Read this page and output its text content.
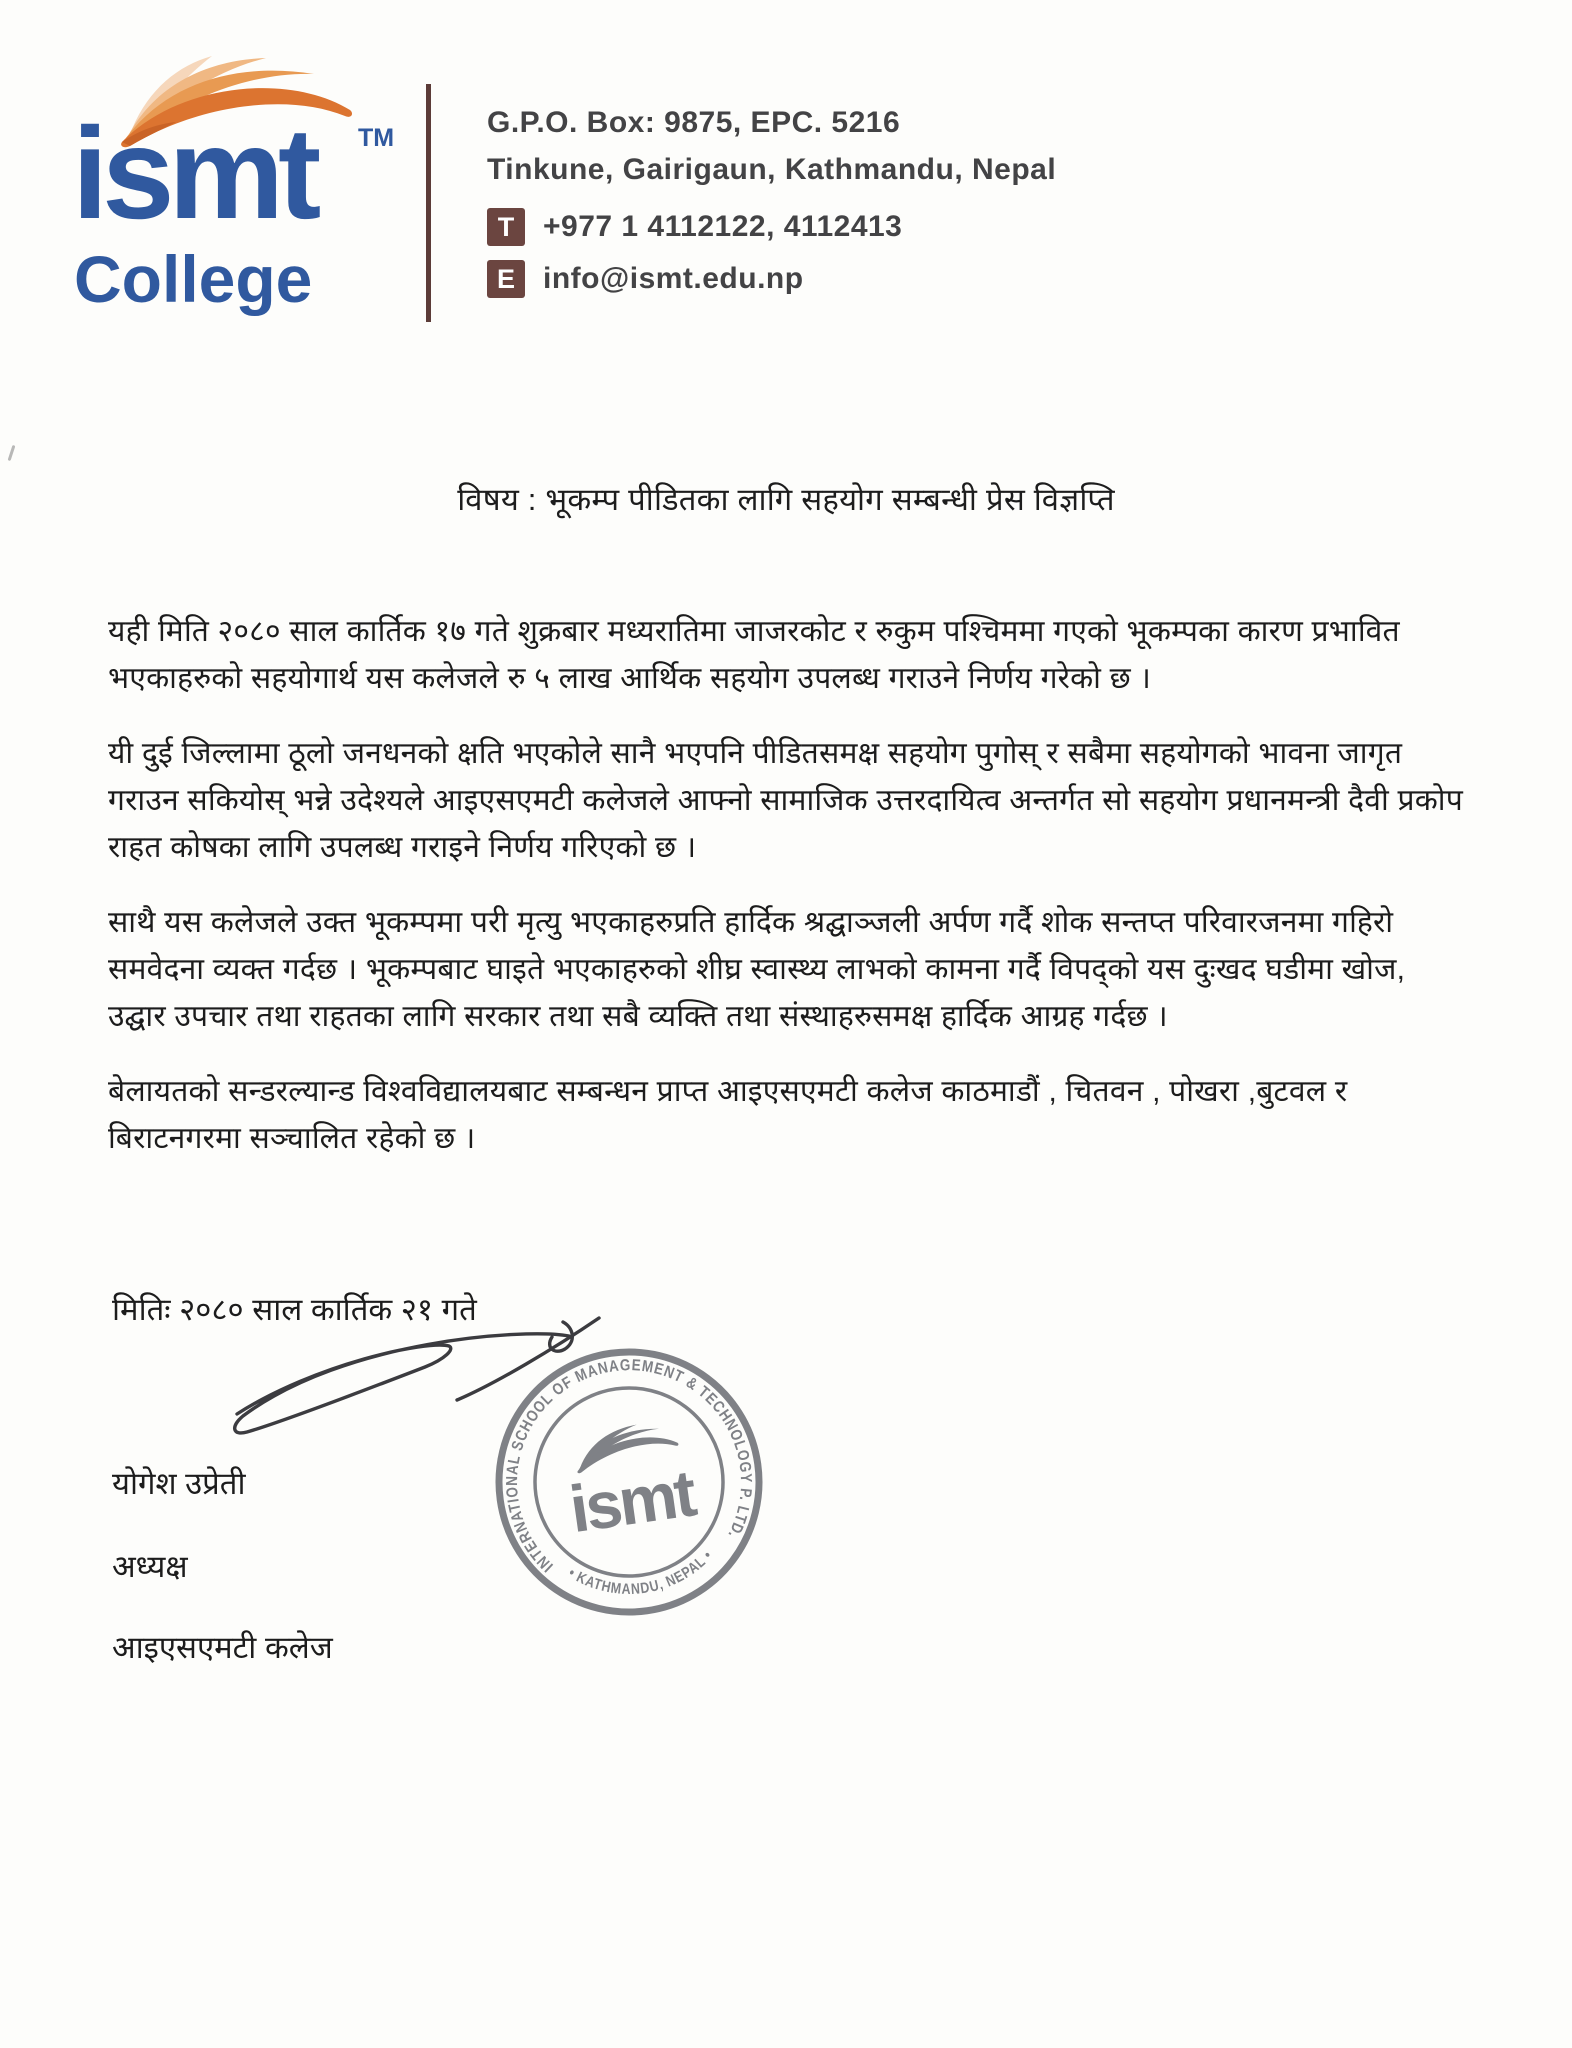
ismt TM
College
G.P.O. Box: 9875, EPC. 5216
Tinkune, Gairigaun, Kathmandu, Nepal
T +977 1 4112122, 4112413
E info@ismt.edu.np
विषय : भूकम्प पीडितका लागि सहयोग सम्बन्धी प्रेस विज्ञप्ति

यही मिति २०८० साल कार्तिक १७ गते शुक्रबार मध्यरातिमा जाजरकोट र रुकुम पश्चिममा गएको भूकम्पका कारण प्रभावित भएकाहरुको सहयोगार्थ यस कलेजले रु ५ लाख आर्थिक सहयोग उपलब्ध गराउने निर्णय गरेको छ ।

यी दुई जिल्लामा ठूलो जनधनको क्षति भएकोले सानै भएपनि पीडितसमक्ष सहयोग पुगोस् र सबैमा सहयोगको भावना जागृत गराउन सकियोस् भन्ने उदेश्यले आइएसएमटी कलेजले आफ्नो सामाजिक उत्तरदायित्व अन्तर्गत सो सहयोग प्रधानमन्त्री दैवी प्रकोप राहत कोषका लागि उपलब्ध गराइने निर्णय गरिएको छ ।

साथै यस कलेजले उक्त भूकम्पमा परी मृत्यु भएकाहरुप्रति हार्दिक श्रद्घाञ्जली अर्पण गर्दै शोक सन्तप्त परिवारजनमा गहिरो समवेदना व्यक्त गर्दछ । भूकम्पबाट घाइते भएकाहरुको शीघ्र स्वास्थ्य लाभको कामना गर्दै विपद्को यस दुःखद घडीमा खोज, उद्घार उपचार तथा राहतका लागि सरकार तथा सबै व्यक्ति तथा संस्थाहरुसमक्ष हार्दिक आग्रह गर्दछ ।

बेलायतको सन्डरल्यान्ड विश्वविद्यालयबाट सम्बन्धन प्राप्त आइएसएमटी कलेज काठमाडौं , चितवन , पोखरा ,बुटवल र बिराटनगरमा सञ्चालित रहेको छ ।

मितिः २०८० साल कार्तिक २१ गते
योगेश उप्रेती
अध्यक्ष
आइएसएमटी कलेज
INTERNATIONAL SCHOOL OF MANAGEMENT & TECHNOLOGY P. LTD.
• KATHMANDU, NEPAL •
ismt
